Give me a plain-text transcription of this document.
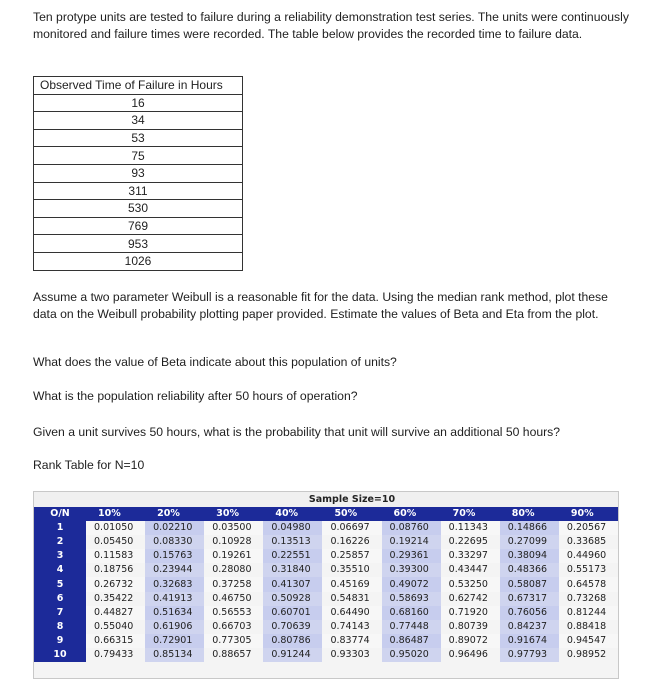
Ten protype units are tested to failure during a reliability demonstration test series. The units were continuously monitored and failure times were recorded. The table below provides the recorded time to failure data.
Observed Time of Failure in Hours
16
34
53
75
93
311
530
769
953
1026
Assume a two parameter Weibull is a reasonable fit for the data. Using the median rank method, plot these data on the Weibull probability plotting paper provided. Estimate the values of Beta and Eta from the plot.
What does the value of Beta indicate about this population of units?
What is the population reliability after 50 hours of operation?
Given a unit survives 50 hours, what is the probability that unit will survive an additional 50 hours?
Rank Table for N=10
	Sample Size=10								
O/N	10%	20%	30%	40%	50%	60%	70%	80%	90%
1	0.01050	0.02210	0.03500	0.04980	0.06697	0.08760	0.11343	0.14866	0.20567
2	0.05450	0.08330	0.10928	0.13513	0.16226	0.19214	0.22695	0.27099	0.33685
3	0.11583	0.15763	0.19261	0.22551	0.25857	0.29361	0.33297	0.38094	0.44960
4	0.18756	0.23944	0.28080	0.31840	0.35510	0.39300	0.43447	0.48366	0.55173
5	0.26732	0.32683	0.37258	0.41307	0.45169	0.49072	0.53250	0.58087	0.64578
6	0.35422	0.41913	0.46750	0.50928	0.54831	0.58693	0.62742	0.67317	0.73268
7	0.44827	0.51634	0.56553	0.60701	0.64490	0.68160	0.71920	0.76056	0.81244
8	0.55040	0.61906	0.66703	0.70639	0.74143	0.77448	0.80739	0.84237	0.88418
9	0.66315	0.72901	0.77305	0.80786	0.83774	0.86487	0.89072	0.91674	0.94547
10	0.79433	0.85134	0.88657	0.91244	0.93303	0.95020	0.96496	0.97793	0.98952
